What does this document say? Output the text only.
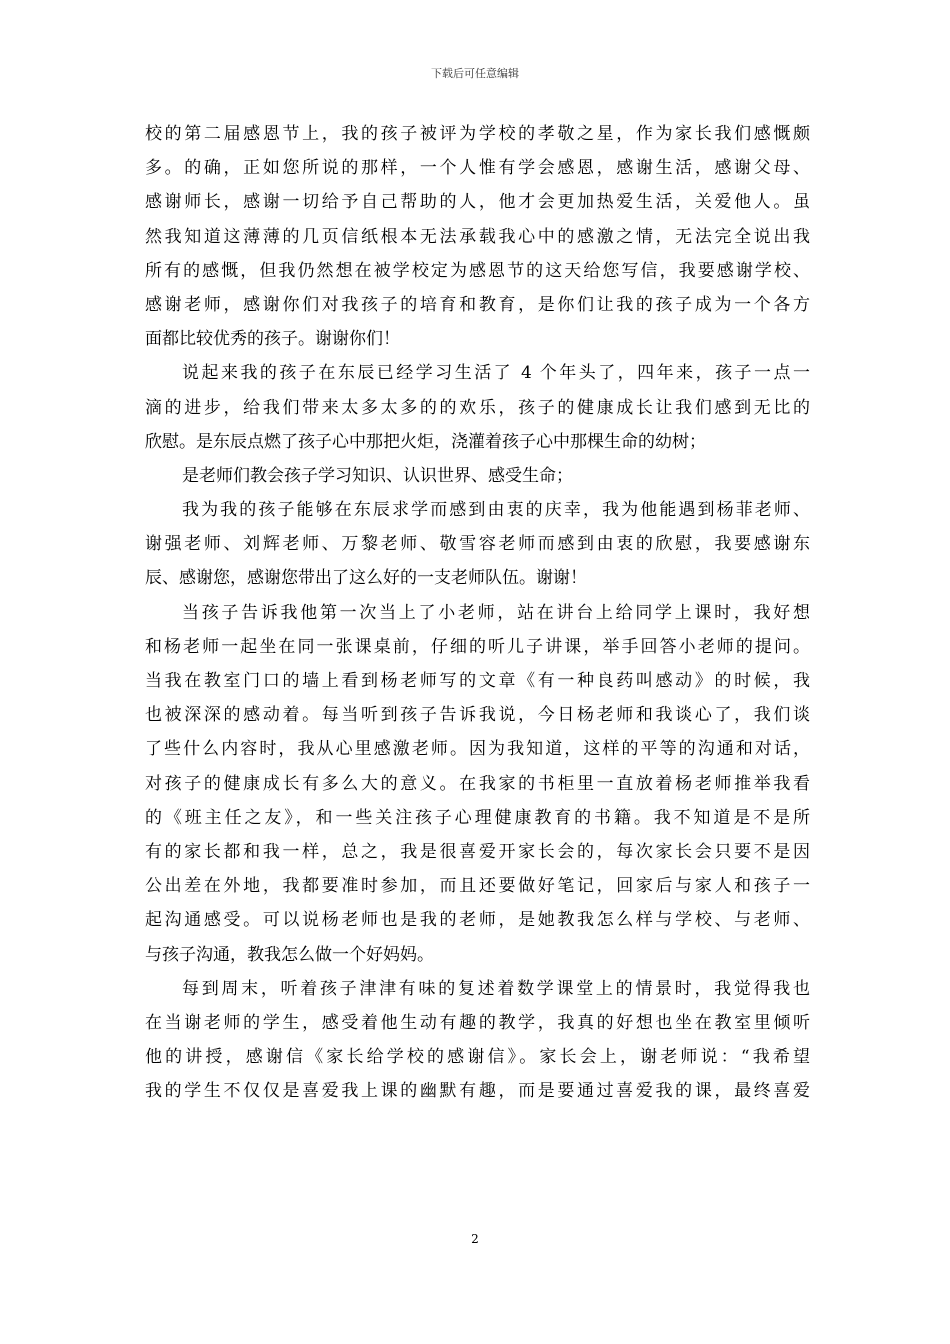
下载后可任意编辑
校的第二届感恩节上，我的孩子被评为学校的孝敬之星，作为家长我们感慨颇
多。的确，正如您所说的那样，一个人惟有学会感恩，感谢生活，感谢父母、
感谢师长，感谢一切给予自己帮助的人，他才会更加热爱生活，关爱他人。虽
然我知道这薄薄的几页信纸根本无法承载我心中的感激之情，无法完全说出我
所有的感慨，但我仍然想在被学校定为感恩节的这天给您写信，我要感谢学校、
感谢老师，感谢你们对我孩子的培育和教育，是你们让我的孩子成为一个各方
面都比较优秀的孩子。谢谢你们！
说起来我的孩子在东辰已经学习生活了 4 个年头了，四年来，孩子一点一
滴的进步，给我们带来太多太多的的欢乐，孩子的健康成长让我们感到无比的
欣慰。是东辰点燃了孩子心中那把火炬，浇灌着孩子心中那棵生命的幼树；
是老师们教会孩子学习知识、认识世界、感受生命；
我为我的孩子能够在东辰求学而感到由衷的庆幸，我为他能遇到杨菲老师、
谢强老师、刘辉老师、万黎老师、敬雪容老师而感到由衷的欣慰，我要感谢东
辰、感谢您，感谢您带出了这么好的一支老师队伍。谢谢！
当孩子告诉我他第一次当上了小老师，站在讲台上给同学上课时，我好想
和杨老师一起坐在同一张课桌前，仔细的听儿子讲课，举手回答小老师的提问。
当我在教室门口的墙上看到杨老师写的文章《有一种良药叫感动》的时候，我
也被深深的感动着。每当听到孩子告诉我说，今日杨老师和我谈心了，我们谈
了些什么内容时，我从心里感激老师。因为我知道，这样的平等的沟通和对话，
对孩子的健康成长有多么大的意义。在我家的书柜里一直放着杨老师推举我看
的《班主任之友》，和一些关注孩子心理健康教育的书籍。我不知道是不是所
有的家长都和我一样，总之，我是很喜爱开家长会的，每次家长会只要不是因
公出差在外地，我都要准时参加，而且还要做好笔记，回家后与家人和孩子一
起沟通感受。可以说杨老师也是我的老师，是她教我怎么样与学校、与老师、
与孩子沟通，教我怎么做一个好妈妈。
每到周末，听着孩子津津有味的复述着数学课堂上的情景时，我觉得我也
在当谢老师的学生，感受着他生动有趣的教学，我真的好想也坐在教室里倾听
他的讲授，感谢信《家长给学校的感谢信》。家长会上，谢老师说：“我希望
我的学生不仅仅是喜爱我上课的幽默有趣，而是要通过喜爱我的课，最终喜爱
2
